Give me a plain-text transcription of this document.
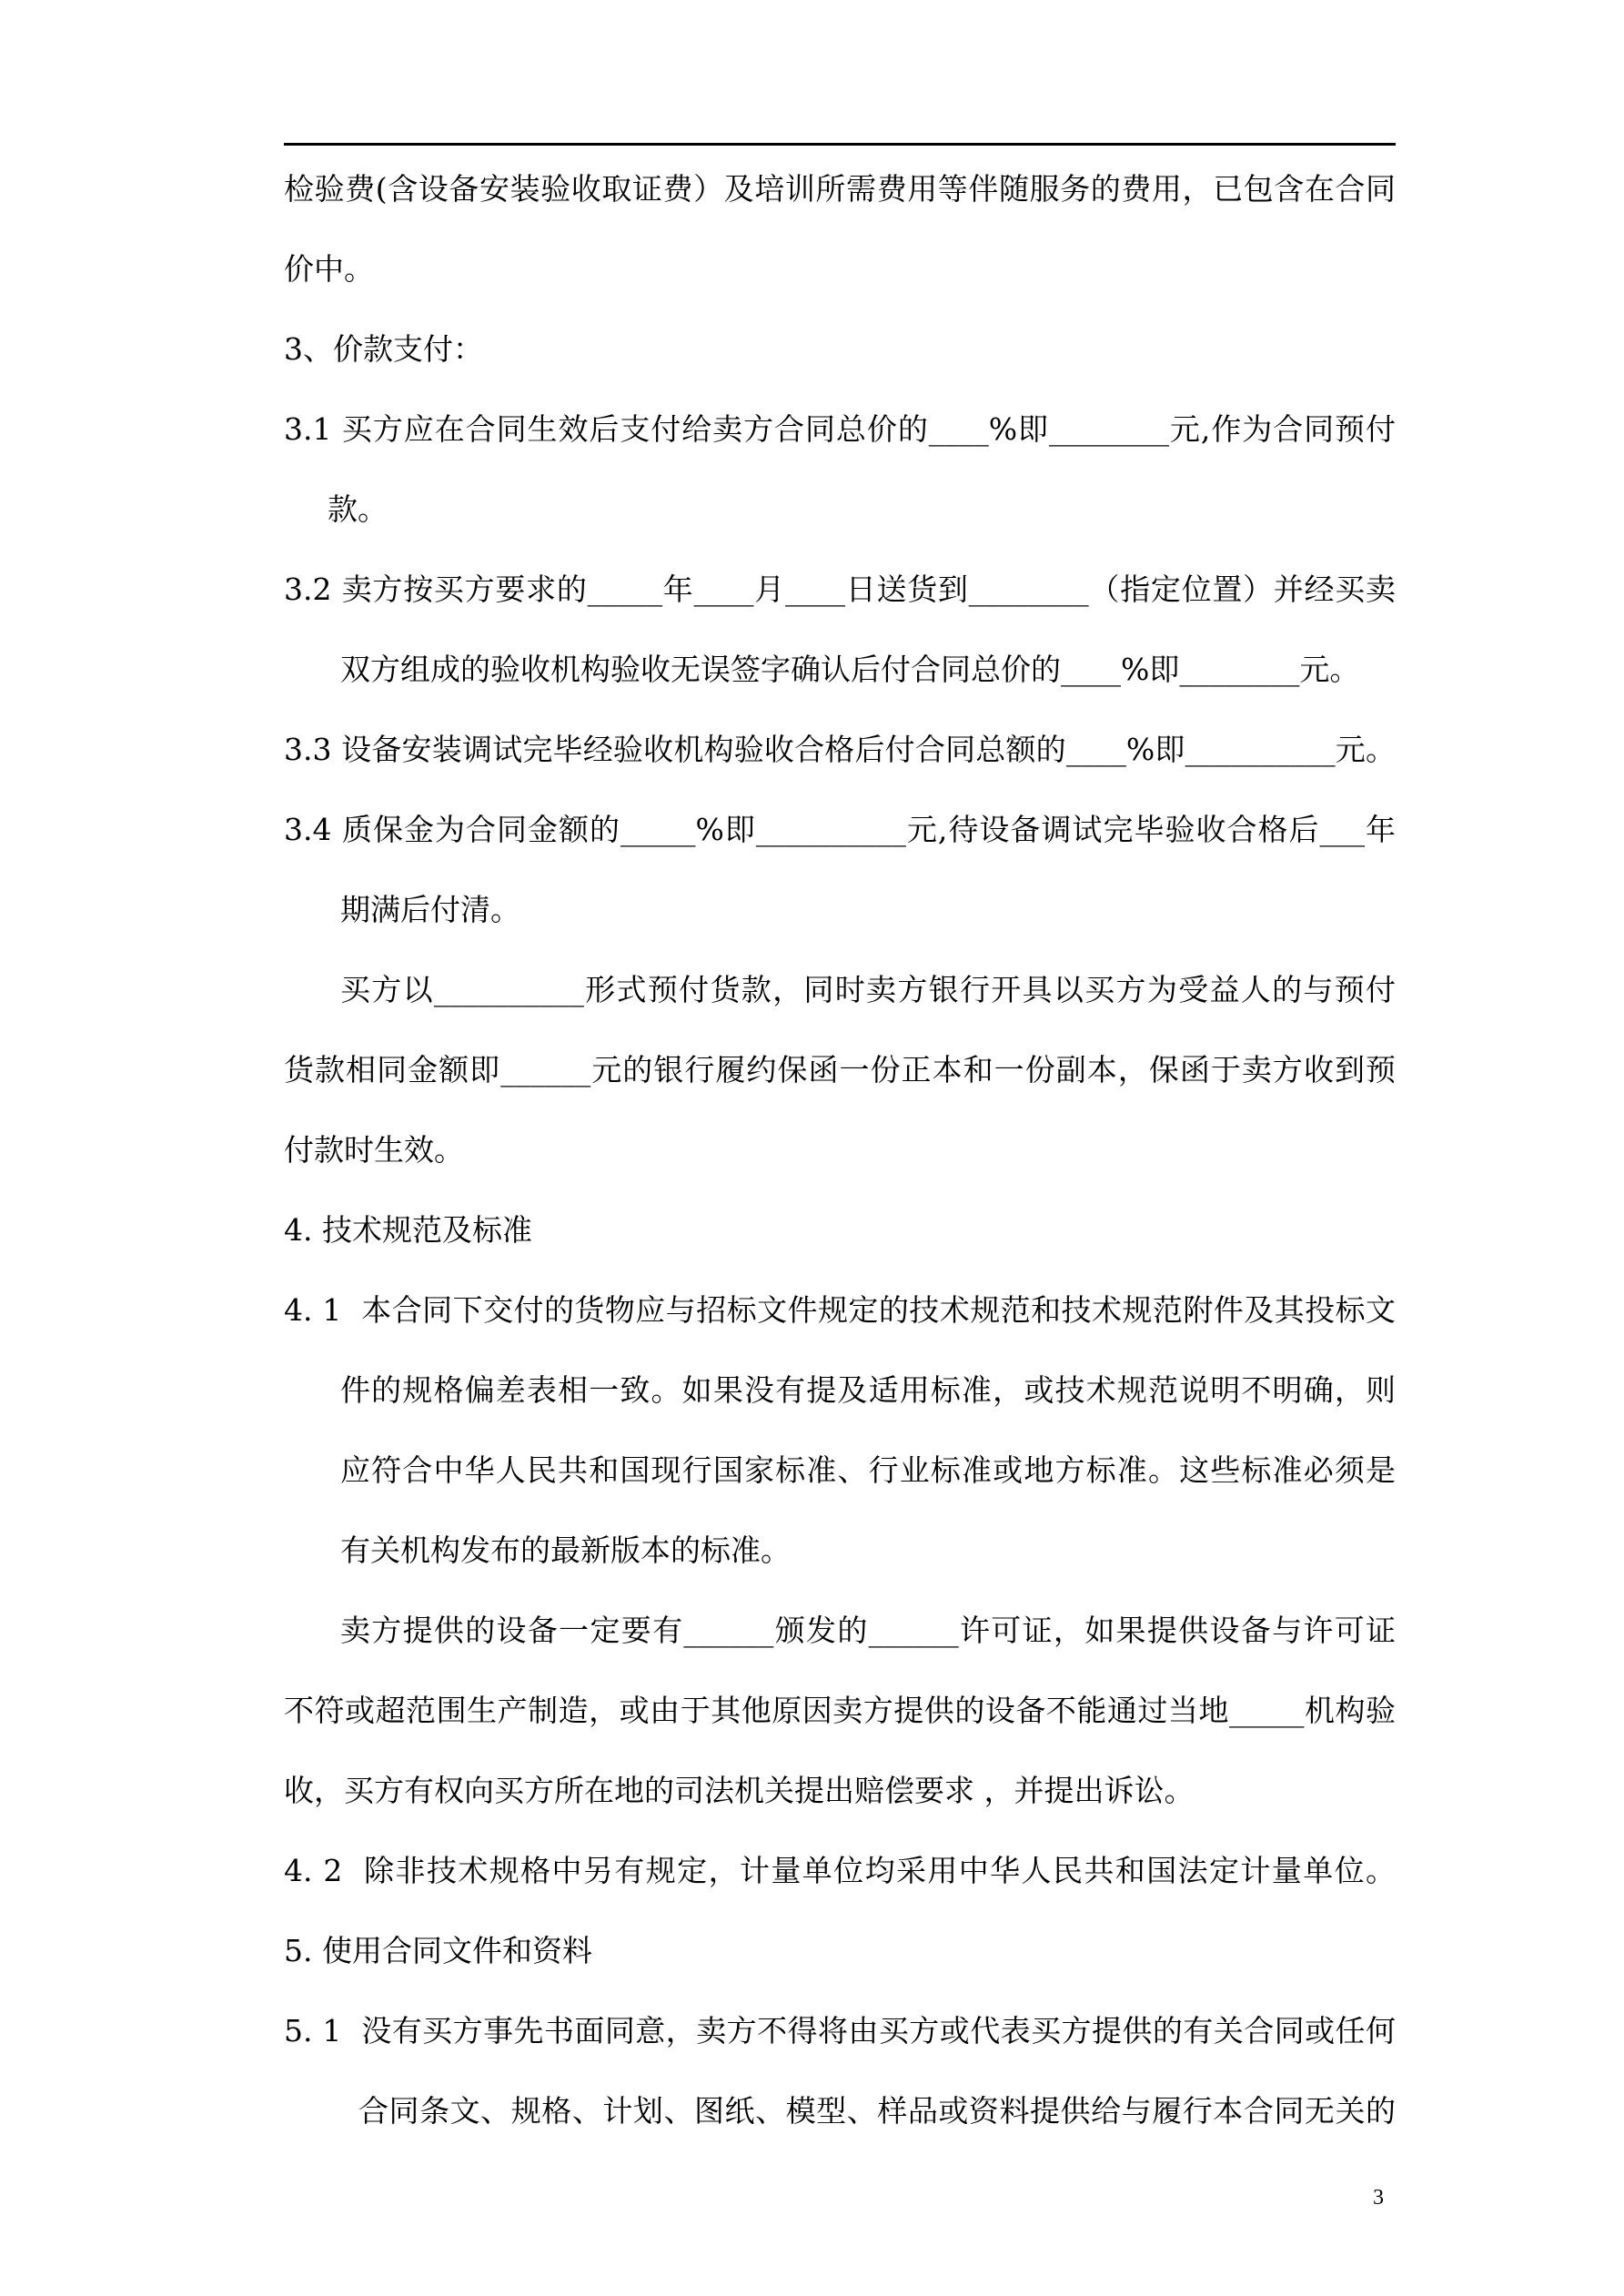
检验费(含设备安装验收取证费）及培训所需费用等伴随服务的费用，已包含在合同
价中。
3、价款支付：
3.1 买方应在合同生效后支付给卖方合同总价的____%即________元,作为合同预付
款。
3.2 卖方按买方要求的_____年____月____日送货到________（指定位置）并经买卖
双方组成的验收机构验收无误签字确认后付合同总价的____%即________元。
3.3 设备安装调试完毕经验收机构验收合格后付合同总额的____%即__________元。
3.4 质保金为合同金额的_____%即__________元,待设备调试完毕验收合格后___年
期满后付清。
买方以__________形式预付货款，同时卖方银行开具以买方为受益人的与预付
货款相同金额即______元的银行履约保函一份正本和一份副本，保函于卖方收到预
付款时生效。
4. 技术规范及标准
4. 1  本合同下交付的货物应与招标文件规定的技术规范和技术规范附件及其投标文
件的规格偏差表相一致。如果没有提及适用标准，或技术规范说明不明确，则
应符合中华人民共和国现行国家标准、行业标准或地方标准。这些标准必须是
有关机构发布的最新版本的标准。
卖方提供的设备一定要有______颁发的______许可证，如果提供设备与许可证
不符或超范围生产制造，或由于其他原因卖方提供的设备不能通过当地_____机构验
收，买方有权向买方所在地的司法机关提出赔偿要求 ，并提出诉讼。
4. 2  除非技术规格中另有规定，计量单位均采用中华人民共和国法定计量单位。
5. 使用合同文件和资料
5. 1  没有买方事先书面同意，卖方不得将由买方或代表买方提供的有关合同或任何
合同条文、规格、计划、图纸、模型、样品或资料提供给与履行本合同无关的
3
